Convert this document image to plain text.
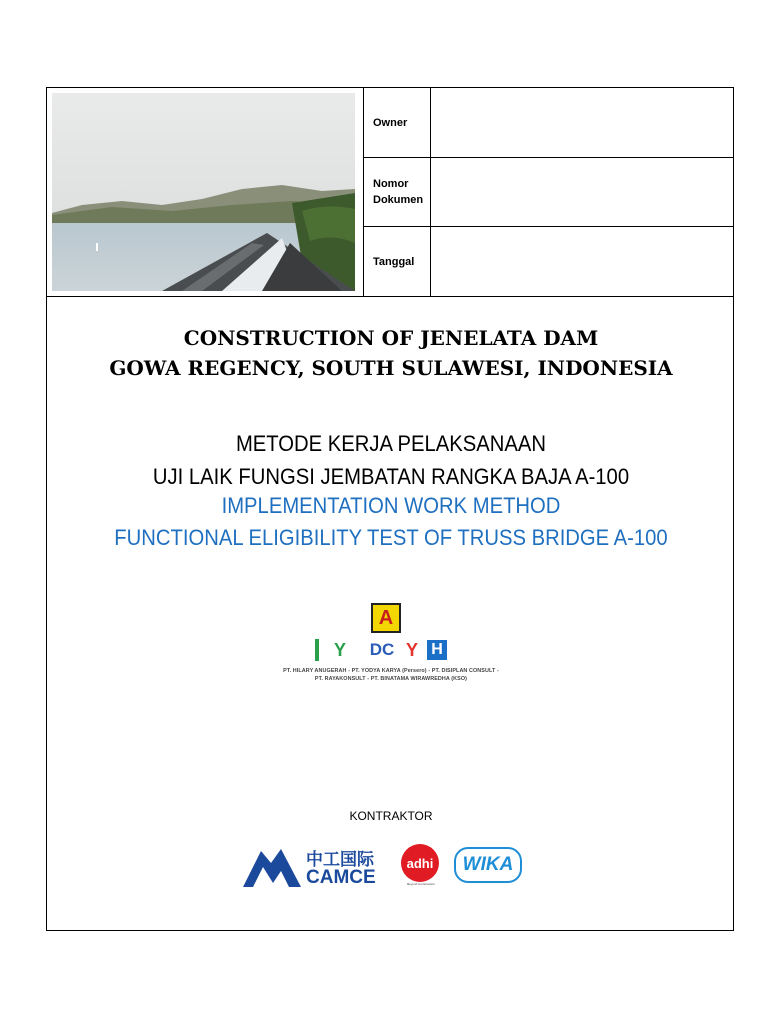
Owner
Nomor Dokumen
Tanggal
CONSTRUCTION OF JENELATA DAM
GOWA REGENCY, SOUTH SULAWESI, INDONESIA
METODE KERJA PELAKSANAAN
UJI LAIK FUNGSI JEMBATAN RANGKA BAJA A-100
IMPLEMENTATION WORK METHOD
FUNCTIONAL ELIGIBILITY TEST OF TRUSS BRIDGE A-100
A
Y	DC Y H
PT. HILARY ANUGERAH - PT. YODYA KARYA (Persero) - PT. DISIPLAN CONSULT -
PT. RAYAKONSULT - PT. BINATAMA WIRAWREDHA (KSO)
KONTRAKTOR
中工国际
CAMCE
adhi
Beyond Construction
WIKA
